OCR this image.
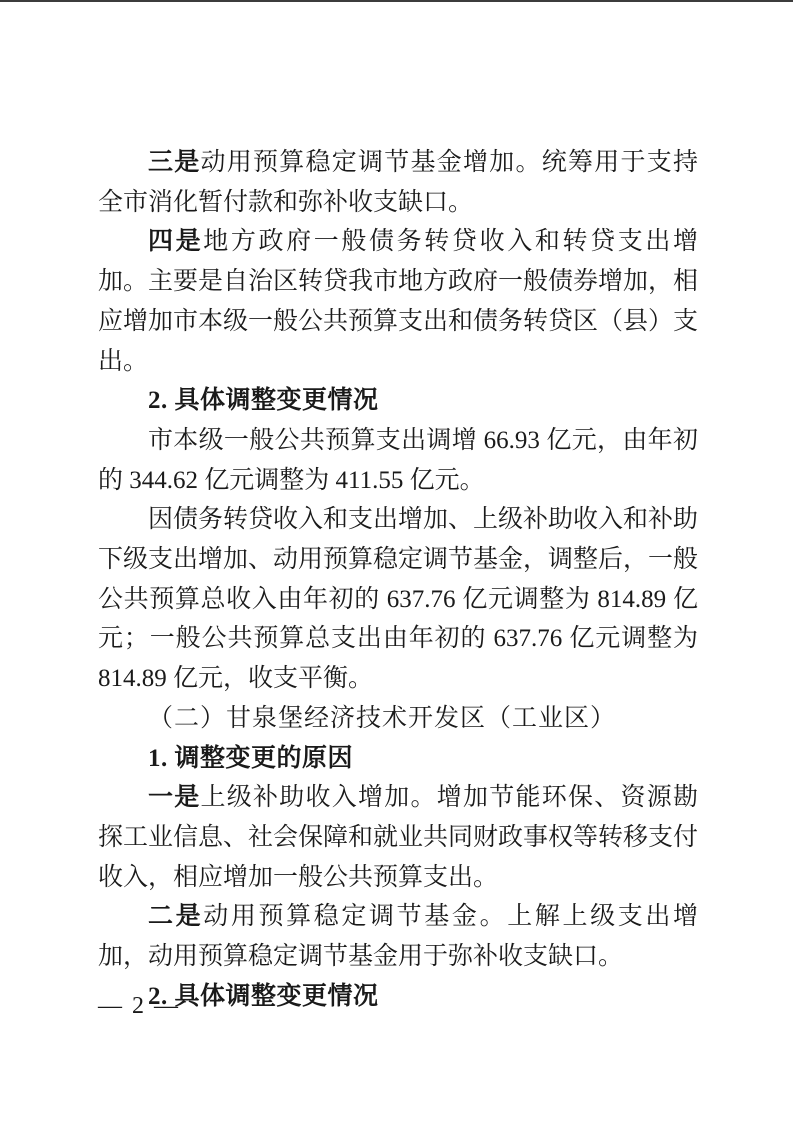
三是动用预算稳定调节基金增加。统筹用于支持全市消化暂付款和弥补收支缺口。

四是地方政府一般债务转贷收入和转贷支出增加。主要是自治区转贷我市地方政府一般债券增加，相应增加市本级一般公共预算支出和债务转贷区（县）支出。

2. 具体调整变更情况

市本级一般公共预算支出调增 66.93 亿元，由年初的 344.62 亿元调整为 411.55 亿元。

因债务转贷收入和支出增加、上级补助收入和补助下级支出增加、动用预算稳定调节基金，调整后，一般公共预算总收入由年初的 637.76 亿元调整为 814.89 亿元；一般公共预算总支出由年初的 637.76 亿元调整为 814.89 亿元，收支平衡。

（二）甘泉堡经济技术开发区（工业区）

1. 调整变更的原因

一是上级补助收入增加。增加节能环保、资源勘探工业信息、社会保障和就业共同财政事权等转移支付收入，相应增加一般公共预算支出。

二是动用预算稳定调节基金。上解上级支出增加，动用预算稳定调节基金用于弥补收支缺口。

2. 具体调整变更情况

— 2 —
